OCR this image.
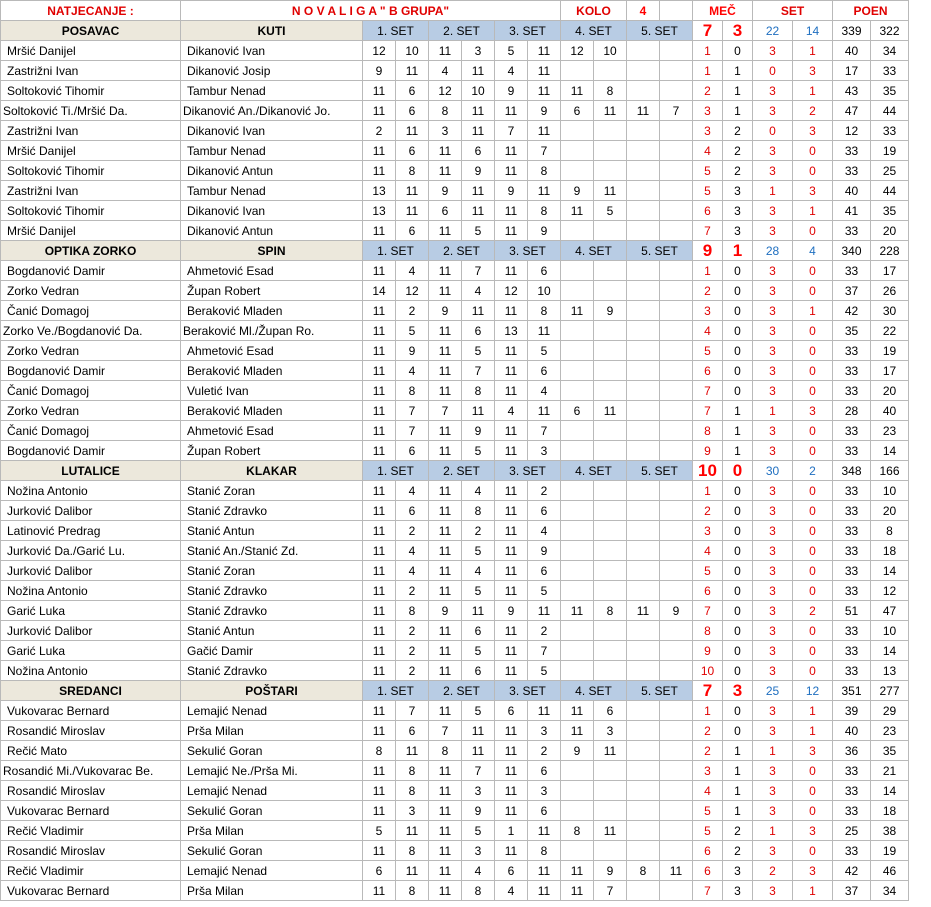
NATJECANJE :	N O V A L I G A " B GRUPA"							KOLO		4		MEČ		SET		POEN	
POSAVAC	KUTI	1. SET		2. SET		3. SET		4. SET		5. SET		7	3	22	14	339	322
Mršić Danijel	Dikanović Ivan	12	10	11	3	5	11	12	10			1	0	3	1	40	34
Zastrižni Ivan	Dikanović Josip	9	11	4	11	4	11					1	1	0	3	17	33
Soltoković Tihomir	Tambur Nenad	11	6	12	10	9	11	11	8			2	1	3	1	43	35
Soltoković Ti./Mršić Da.	Dikanović An./Dikanović Jo.	11	6	8	11	11	9	6	11	11	7	3	1	3	2	47	44
Zastrižni Ivan	Dikanović Ivan	2	11	3	11	7	11					3	2	0	3	12	33
Mršić Danijel	Tambur Nenad	11	6	11	6	11	7					4	2	3	0	33	19
Soltoković Tihomir	Dikanović Antun	11	8	11	9	11	8					5	2	3	0	33	25
Zastrižni Ivan	Tambur Nenad	13	11	9	11	9	11	9	11			5	3	1	3	40	44
Soltoković Tihomir	Dikanović Ivan	13	11	6	11	11	8	11	5			6	3	3	1	41	35
Mršić Danijel	Dikanović Antun	11	6	11	5	11	9					7	3	3	0	33	20
OPTIKA ZORKO	SPIN	1. SET		2. SET		3. SET		4. SET		5. SET		9	1	28	4	340	228
Bogdanović Damir	Ahmetović Esad	11	4	11	7	11	6					1	0	3	0	33	17
Zorko Vedran	Župan Robert	14	12	11	4	12	10					2	0	3	0	37	26
Čanić Domagoj	Beraković Mladen	11	2	9	11	11	8	11	9			3	0	3	1	42	30
Zorko Ve./Bogdanović Da.	Beraković Ml./Župan Ro.	11	5	11	6	13	11					4	0	3	0	35	22
Zorko Vedran	Ahmetović Esad	11	9	11	5	11	5					5	0	3	0	33	19
Bogdanović Damir	Beraković Mladen	11	4	11	7	11	6					6	0	3	0	33	17
Čanić Domagoj	Vuletić Ivan	11	8	11	8	11	4					7	0	3	0	33	20
Zorko Vedran	Beraković Mladen	11	7	7	11	4	11	6	11			7	1	1	3	28	40
Čanić Domagoj	Ahmetović Esad	11	7	11	9	11	7					8	1	3	0	33	23
Bogdanović Damir	Župan Robert	11	6	11	5	11	3					9	1	3	0	33	14
LUTALICE	KLAKAR	1. SET		2. SET		3. SET		4. SET		5. SET		10	0	30	2	348	166
Nožina Antonio	Stanić Zoran	11	4	11	4	11	2					1	0	3	0	33	10
Jurković Dalibor	Stanić Zdravko	11	6	11	8	11	6					2	0	3	0	33	20
Latinović Predrag	Stanić Antun	11	2	11	2	11	4					3	0	3	0	33	8
Jurković Da./Garić Lu.	Stanić An./Stanić Zd.	11	4	11	5	11	9					4	0	3	0	33	18
Jurković Dalibor	Stanić Zoran	11	4	11	4	11	6					5	0	3	0	33	14
Nožina Antonio	Stanić Zdravko	11	2	11	5	11	5					6	0	3	0	33	12
Garić Luka	Stanić Zdravko	11	8	9	11	9	11	11	8	11	9	7	0	3	2	51	47
Jurković Dalibor	Stanić Antun	11	2	11	6	11	2					8	0	3	0	33	10
Garić Luka	Gačić Damir	11	2	11	5	11	7					9	0	3	0	33	14
Nožina Antonio	Stanić Zdravko	11	2	11	6	11	5					10	0	3	0	33	13
SREDANCI	POŠTARI	1. SET		2. SET		3. SET		4. SET		5. SET		7	3	25	12	351	277
Vukovarac Bernard	Lemajić Nenad	11	7	11	5	6	11	11	6			1	0	3	1	39	29
Rosandić Miroslav	Prša Milan	11	6	7	11	11	3	11	3			2	0	3	1	40	23
Rečić Mato	Sekulić Goran	8	11	8	11	11	2	9	11			2	1	1	3	36	35
Rosandić Mi./Vukovarac Be.	Lemajić Ne./Prša Mi.	11	8	11	7	11	6					3	1	3	0	33	21
Rosandić Miroslav	Lemajić Nenad	11	8	11	3	11	3					4	1	3	0	33	14
Vukovarac Bernard	Sekulić Goran	11	3	11	9	11	6					5	1	3	0	33	18
Rečić Vladimir	Prša Milan	5	11	11	5	1	11	8	11			5	2	1	3	25	38
Rosandić Miroslav	Sekulić Goran	11	8	11	3	11	8					6	2	3	0	33	19
Rečić Vladimir	Lemajić Nenad	6	11	11	4	6	11	11	9	8	11	6	3	2	3	42	46
Vukovarac Bernard	Prša Milan	11	8	11	8	4	11	11	7			7	3	3	1	37	34
